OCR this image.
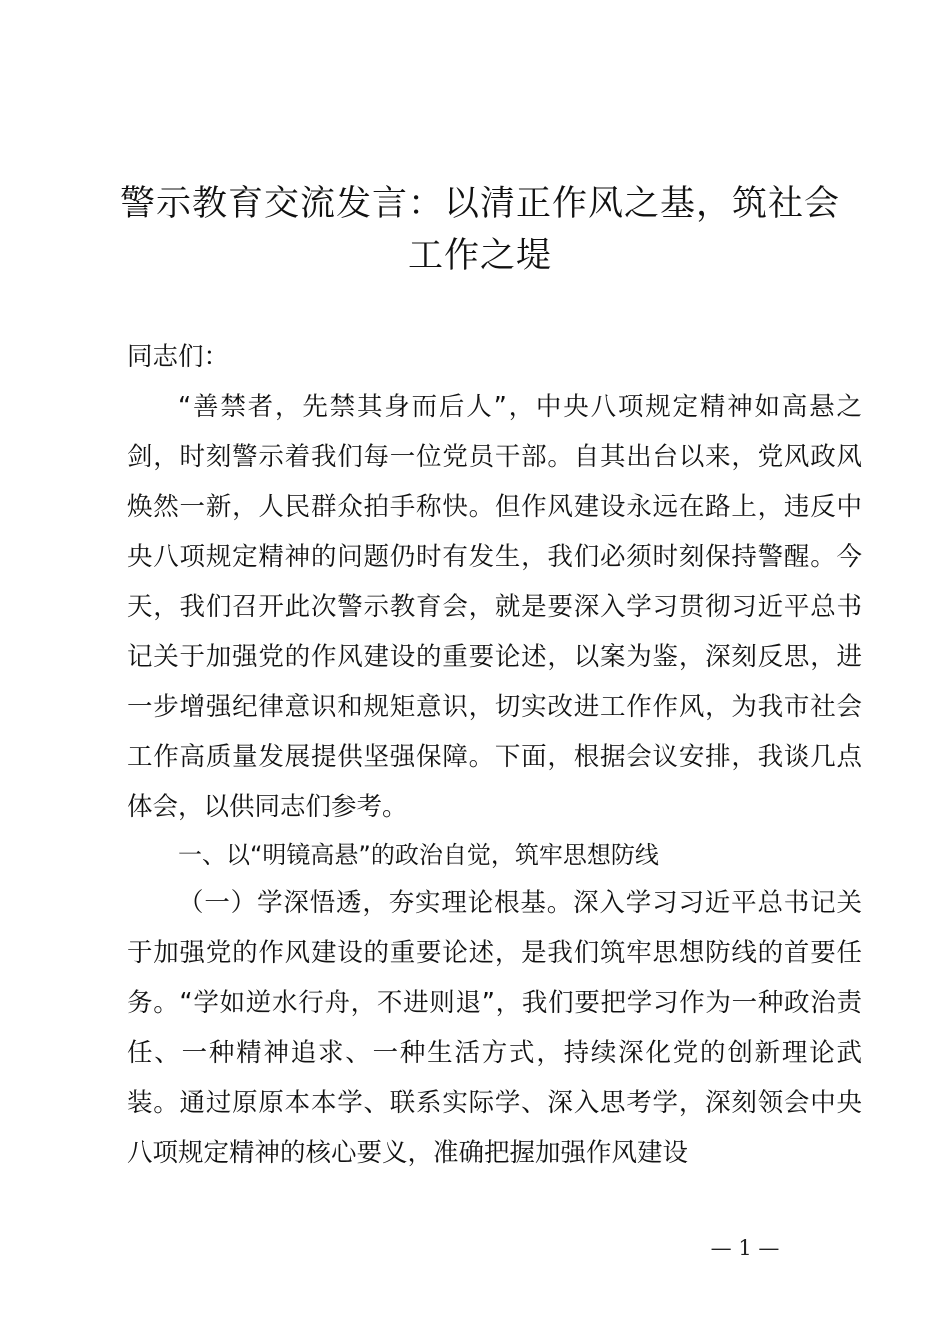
警示教育交流发言：以清正作风之基，筑社会工作之堤
同志们：
“善禁者，先禁其身而后人”，中央八项规定精神如高悬之剑，时刻警示着我们每一位党员干部。自其出台以来，党风政风焕然一新，人民群众拍手称快。但作风建设永远在路上，违反中央八项规定精神的问题仍时有发生，我们必须时刻保持警醒。今天，我们召开此次警示教育会，就是要深入学习贯彻习近平总书记关于加强党的作风建设的重要论述，以案为鉴，深刻反思，进一步增强纪律意识和规矩意识，切实改进工作作风，为我市社会工作高质量发展提供坚强保障。下面，根据会议安排，我谈几点体会，以供同志们参考。
一、以“明镜高悬”的政治自觉，筑牢思想防线
（一）学深悟透，夯实理论根基。深入学习习近平总书记关于加强党的作风建设的重要论述，是我们筑牢思想防线的首要任务。“学如逆水行舟，不进则退”，我们要把学习作为一种政治责任、一种精神追求、一种生活方式，持续深化党的创新理论武装。通过原原本本学、联系实际学、深入思考学，深刻领会中央八项规定精神的核心要义，准确把握加强作风建设
— 1 —
